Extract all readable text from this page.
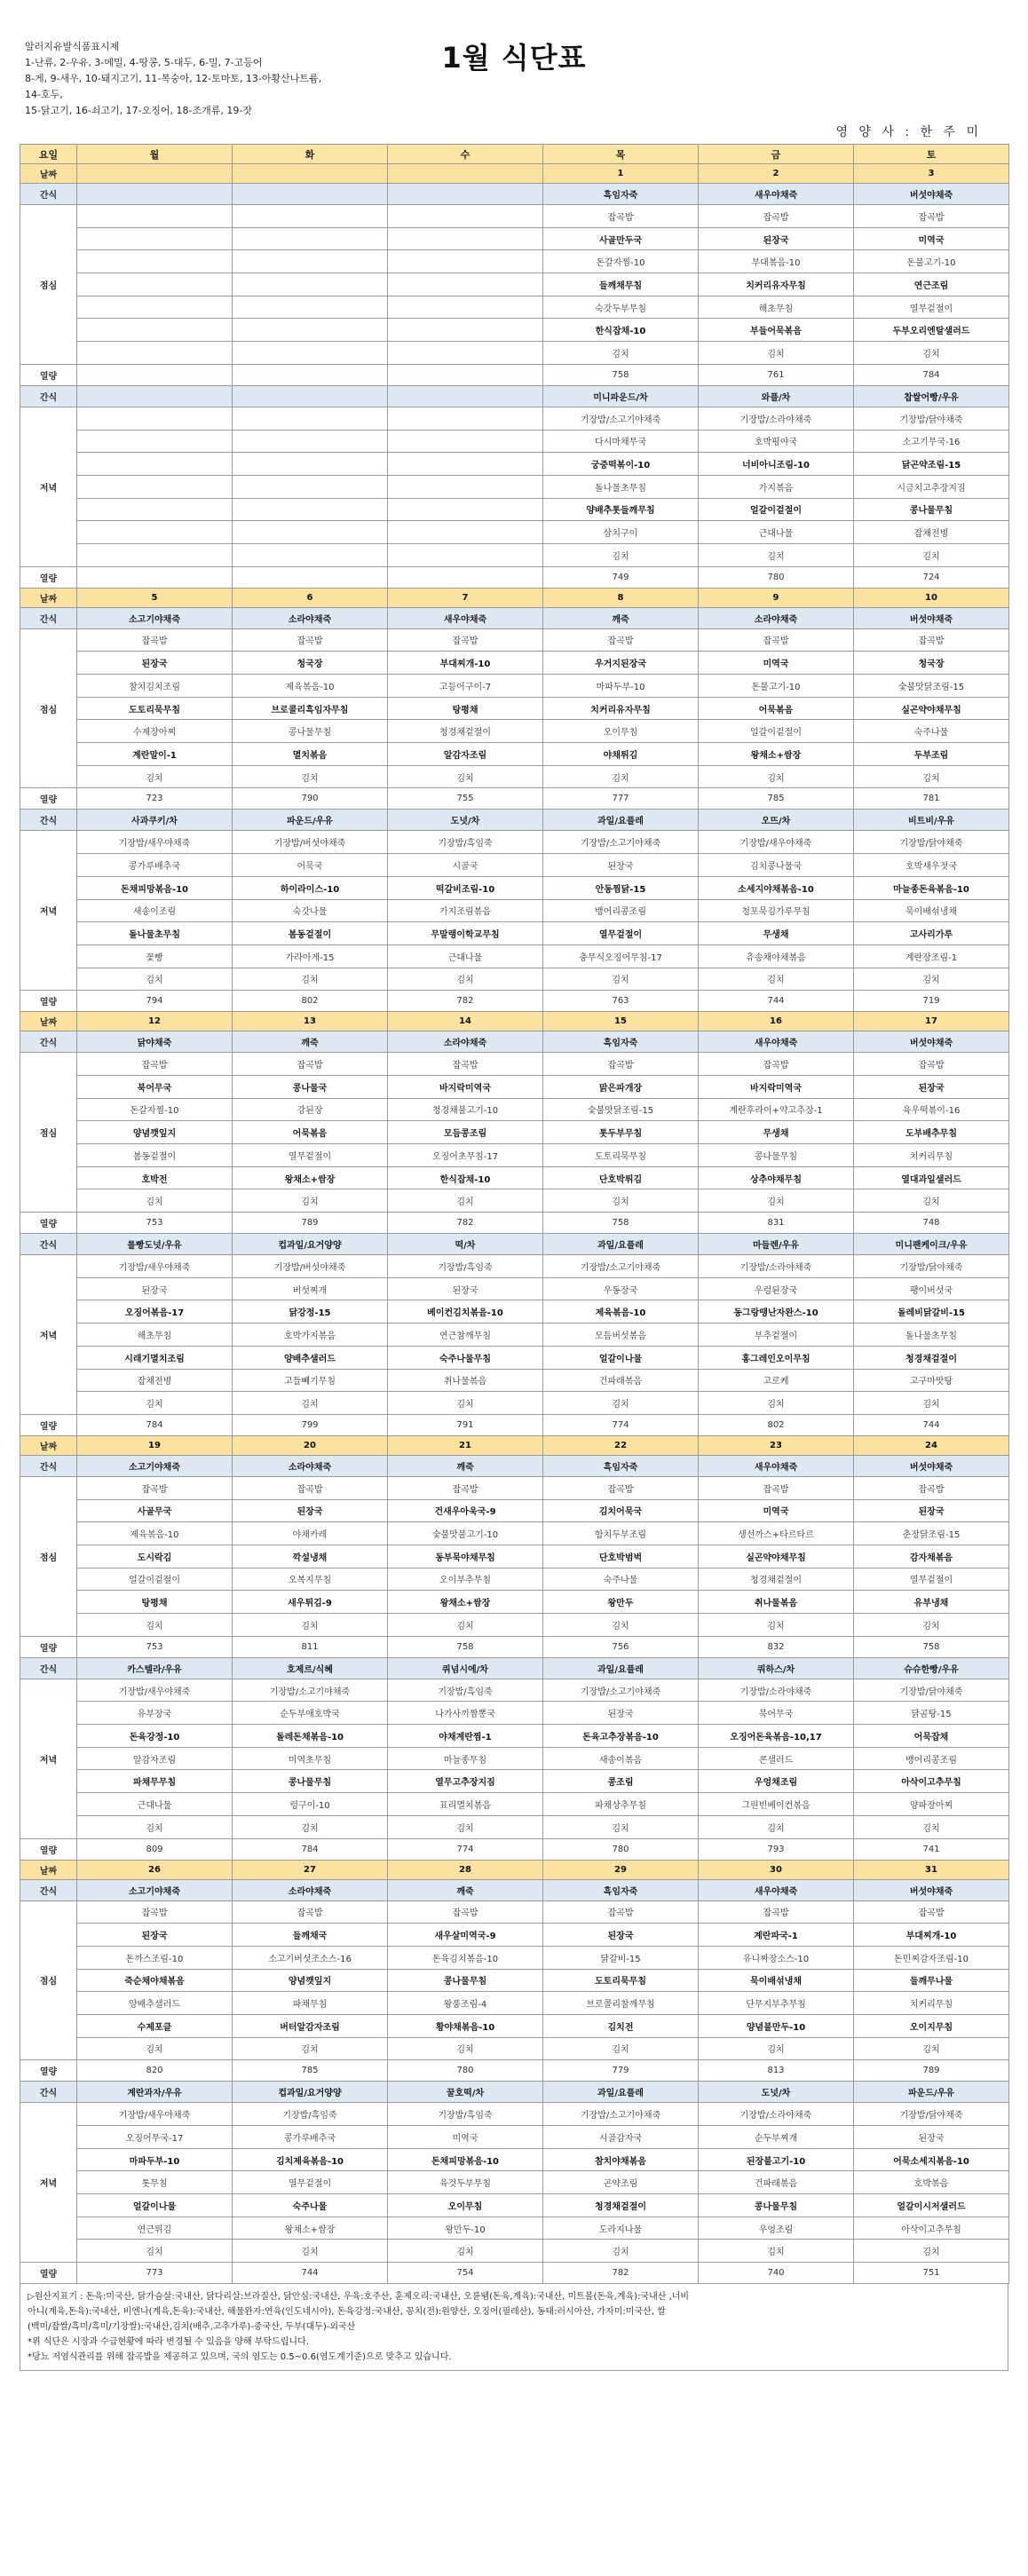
알러지유발식품표시제
1-난류, 2-우유, 3-메밀, 4-땅콩, 5-대두, 6-밀, 7-고등어
8-게, 9-새우, 10-돼지고기, 11-복숭아, 12-토마토, 13-아황산나트륨,
14-호두,
15-닭고기, 16-쇠고기, 17-오징어, 18-조개류, 19-잣
1월 식단표
영 양 사 : 한 주 미
요일	월	화	수	목	금	토
날짜				1	2	3
간식				흑임자죽	새우야채죽	버섯야채죽
점심				잡곡밥	잡곡밥	잡곡밥
				사골만두국	된장국	미역국
				돈갈자찜-10	부대볶음-10	돈불고기-10
				들깨채무침	치커리유자무침	연근조림
				숙갓두부무침	해초무침	열무겉절이
				한식잡채-10	부들어묵볶음	두부오리엔탈샐러드
				김치	김치	김치
열량				758	761	784
간식				미니파운드/차	와플/차	찹쌀어빵/우유
저녁				기장밥/소고기야채죽	기장밥/소라야채죽	기장밥/닭야채죽
				다시마채무국	호박평야국	소고기무국-16
				궁중떡볶이-10	너비아니조림-10	닭곤약조림-15
				돌나물초무침	가지볶음	시금치고추장지짐
				양배추톳들깨무침	얼갈이겉절이	콩나물무침
				삼치구이	근대나물	잡채전병
				김치	김치	김치
열량				749	780	724
날짜	5	6	7	8	9	10
간식	소고기야채죽	소라야채죽	새우야채죽	깨죽	소라야채죽	버섯야채죽
점심	잡곡밥	잡곡밥	잡곡밥	잡곡밥	잡곡밥	잡곡밥
	된장국	청국장	부대찌개-10	우거지된장국	미역국	청국장
	참치김치조림	제육볶음-10	고등어구이-7	마파두부-10	돈불고기-10	숯불맛닭조림-15
	도토리묵무침	브로콜리흑임자무침	탕평채	치커리유자무침	어묵볶음	실곤약야채무침
	수제장아찌	콩나물무침	청경채겉절이	오이무침	얼갈이겉절이	숙주나물
	계란말이-1	멸치볶음	알감자조림	야채튀김	왕채소+쌈장	두부조림
	김치	김치	김치	김치	김치	김치
열량	723	790	755	777	785	781
간식	사과쿠키/차	파운드/우유	도넛/차	과일/요플레	오뜨/차	비트비/우유
저녁	기장밥/새우야채죽	기장밥/버섯야채죽	기장밥/흑임죽	기장밥/소고기야채죽	기장밥/새우야채죽	기장밥/닭야채죽
	콩가루배추국	어묵국	시골국	된장국	김치콩나물국	호박새우젓국
	돈채피망볶음-10	하이라이스-10	떡갈비조림-10	안동찜닭-15	소세지야채볶음-10	마늘종돈육볶음-10
	새송이조림	숙갓나물	가지조림볶음	뱅어리콩조림	청포묵김가루무침	묵이배섞냉채
	돌나물초무침	봄동겉절이	무말랭이학교무침	열무겉절이	무생채	고사리가루
	꽃빵	가라아게-15	근대나물	충무식오징어무침-17	츄송채야채볶음	계란장조림-1
	김치	김치	김치	김치	김치	김치
열량	794	802	782	763	744	719
날짜	12	13	14	15	16	17
간식	닭야채죽	깨죽	소라야채죽	흑임자죽	새우야채죽	버섯야채죽
점심	잡곡밥	잡곡밥	잡곡밥	잡곡밥	잡곡밥	잡곡밥
	북어무국	콩나물국	바지락미역국	맑은파개장	바지락미역국	된장국
	돈갈자찜-10	강된장	청경채불고기-10	숯불맛닭조림-15	계란후라이+약고추장-1	육우떡볶이-16
	양념깻잎지	어묵볶음	모듬콩조림	톳두부무침	무생채	도부배추무침
	봄동겉절이	열무겉절이	오징어초무침-17	도토리묵무침	콩나물무침	치커리무침
	호박전	왕채소+쌈장	한식잡채-10	단호박튀김	상추야채무침	열대과일샐러드
	김치	김치	김치	김치	김치	김치
열량	753	789	782	758	831	748
간식	롤빵도넛/우유	컵과일/요거양양	떡/차	과일/요플레	마들렌/우유	미니팬케이크/우유
저녁	기장밥/새우야채죽	기장밥/버섯야채죽	기장밥/흑임죽	기장밥/소고기야채죽	기장밥/소라야채죽	기장밥/닭야채죽
	된장국	버섯찌개	된장국	우동장국	우렁된장국	팽이버섯국
	오징어볶음-17	닭강정-15	베이컨김치볶음-10	제육볶음-10	동그랑땡난자완스-10	돌레비닭갈비-15
	해초무침	호박가지볶음	연근참깨무침	모듬버섯볶음	부추겉절이	돌나물초무침
	시래기멸치조림	양배추샐러드	숙주나물무침	얼갈이나물	홍그레인오이무침	청경채겉절이
	잡채전병	고들빼기무침	취나물볶음	건파래볶음	고로케	고구마맛탕
	김치	김치	김치	김치	김치	김치
열량	784	799	791	774	802	744
날짜	19	20	21	22	23	24
간식	소고기야채죽	소라야채죽	깨죽	흑임자죽	새우야채죽	버섯야채죽
점심	잡곡밥	잡곡밥	잡곡밥	잡곡밥	잡곡밥	잡곡밥
	사골무국	된장국	건새우아욱국-9	김치어묵국	미역국	된장국
	제육볶음-10	야채카레	숯불맛불고기-10	함치두부조림	생선까스+타르타르	춘장닭조림-15
	도시락김	깍설냉채	동부묵야채무침	단호박범벅	실곤약야채무침	감자채볶음
	얼갈이겉절이	오복지무침	오이부추무침	숙주나물	청경채겉절이	열무겉절이
	탕평채	새우튀김-9	왕채소+쌈장	왕만두	취나물볶음	유부냉채
	김치	김치	김치	김치	김치	김치
열량	753	811	758	756	832	758
간식	카스텔라/우유	호제르/식혜	쿼넘시에/차	과일/요플레	쿼하스/차	슈슈한빵/우유
저녁	기장밥/새우야채죽	기장밥/소고기야채죽	기장밥/흑임죽	기장밥/소고기야채죽	기장밥/소라야채죽	기장밥/닭야채죽
	유부장국	순두부애호박국	나가사끼짬뽕국	된장국	북어무국	닭곰탕-15
	돈육강정-10	돌레돈채볶음-10	야채계란찜-1	돈육고추장볶음-10	오징어돈육볶음-10,17	어묵잡채
	알감자조림	미역초무침	마늘종무침	새송이볶음	콘샐러드	뱅어리콩조림
	파채무무침	콩나물무침	열무고추장지짐	콩조림	우엉채조림	아삭이고추무침
	근대나물	렁구이-10	표리멸치볶음	파채상추무침	그린빈베이컨볶음	양파장아찌
	김치	김치	김치	김치	김치	김치
열량	809	784	774	780	793	741
날짜	26	27	28	29	30	31
간식	소고기야채죽	소라야채죽	깨죽	흑임자죽	새우야채죽	버섯야채죽
점심	잡곡밥	잡곡밥	잡곡밥	잡곡밥	잡곡밥	잡곡밥
	된장국	들깨채국	새우살미역국-9	된장국	계란파국-1	부대찌개-10
	돈까스조림-10	소고기버섯조소스-16	돈육김치볶음-10	닭갈비-15	유니짜장소스-10	돈민찌감자조림-10
	죽순채야채볶음	양념깻잎지	콩나물무침	도토리묵무침	묵이배섞냉채	들깨무나물
	양배추샐러드	파채무침	왕풍조림-4	브로콜리참깨무침	단무지부추무침	치커리무침
	수제포클	버터알감자조림	황야채볶음-10	김치전	양념불만두-10	오이지무침
	김치	김치	김치	김치	김치	김치
열량	820	785	780	779	813	789
간식	계란과자/우유	컵과일/요거양양	꿀호떡/차	과일/요플레	도넛/차	파운드/우유
저녁	기장밥/새우야채죽	기장밥/흑임죽	기장밥/흑임죽	기장밥/소고기야채죽	기장밥/소라야채죽	기장밥/닭야채죽
	오징어무국-17	콩가루배추국	미역국	시골감자국	순두부찌개	된장국
	마파두부-10	김치제육볶음-10	돈채피망볶음-10	참치야채볶음	된장불고기-10	어묵소세지볶음-10
	톳무침	열무겉절이	육것두부무침	곤약조림	건파래볶음	호박볶음
	얼갈이나물	숙주나물	오이무침	청경채겉절이	콩나물무침	얼갈이시저샐러드
	연근튀김	왕채소+쌈장	왕만두-10	도라지나물	우엉조림	아삭이고추무침
	김치	김치	김치	김치	김치	김치
열량	773	744	754	782	740	751
▷원산지표기 : 돈육:미국산, 닭가슴살:국내산, 닭다리살:브라질산, 닭안심:국내산, 우육:호주산, 훈제오리:국내산, 오륜뗌(돈육,계육):국내산, 미트볼(돈육,계육):국내산 ,너비
아니(계육,돈육):국내산, 비엔나(계육,돈육):국내산, 해물완자:연육(인도네시아), 돈육강정:국내산, 꽁치(전):원양산, 오징어(필레산), 동태:러시아산, 가자미:미국산, 쌀
(백미/잡쌀/흑미/흑미/기장쌀):국내산,김치(배추,고추가루)-중국산, 두부(대두)-외국산
*위 식단은 시장과 수급현황에 따라 변경될 수 있음을 양해 부탁드립니다.
*당뇨 저염식관리를 위해 잡곡밥을 제공하고 있으며, 국의 염도는 0.5~0.6(염도계기준)으로 맞추고 있습니다.
